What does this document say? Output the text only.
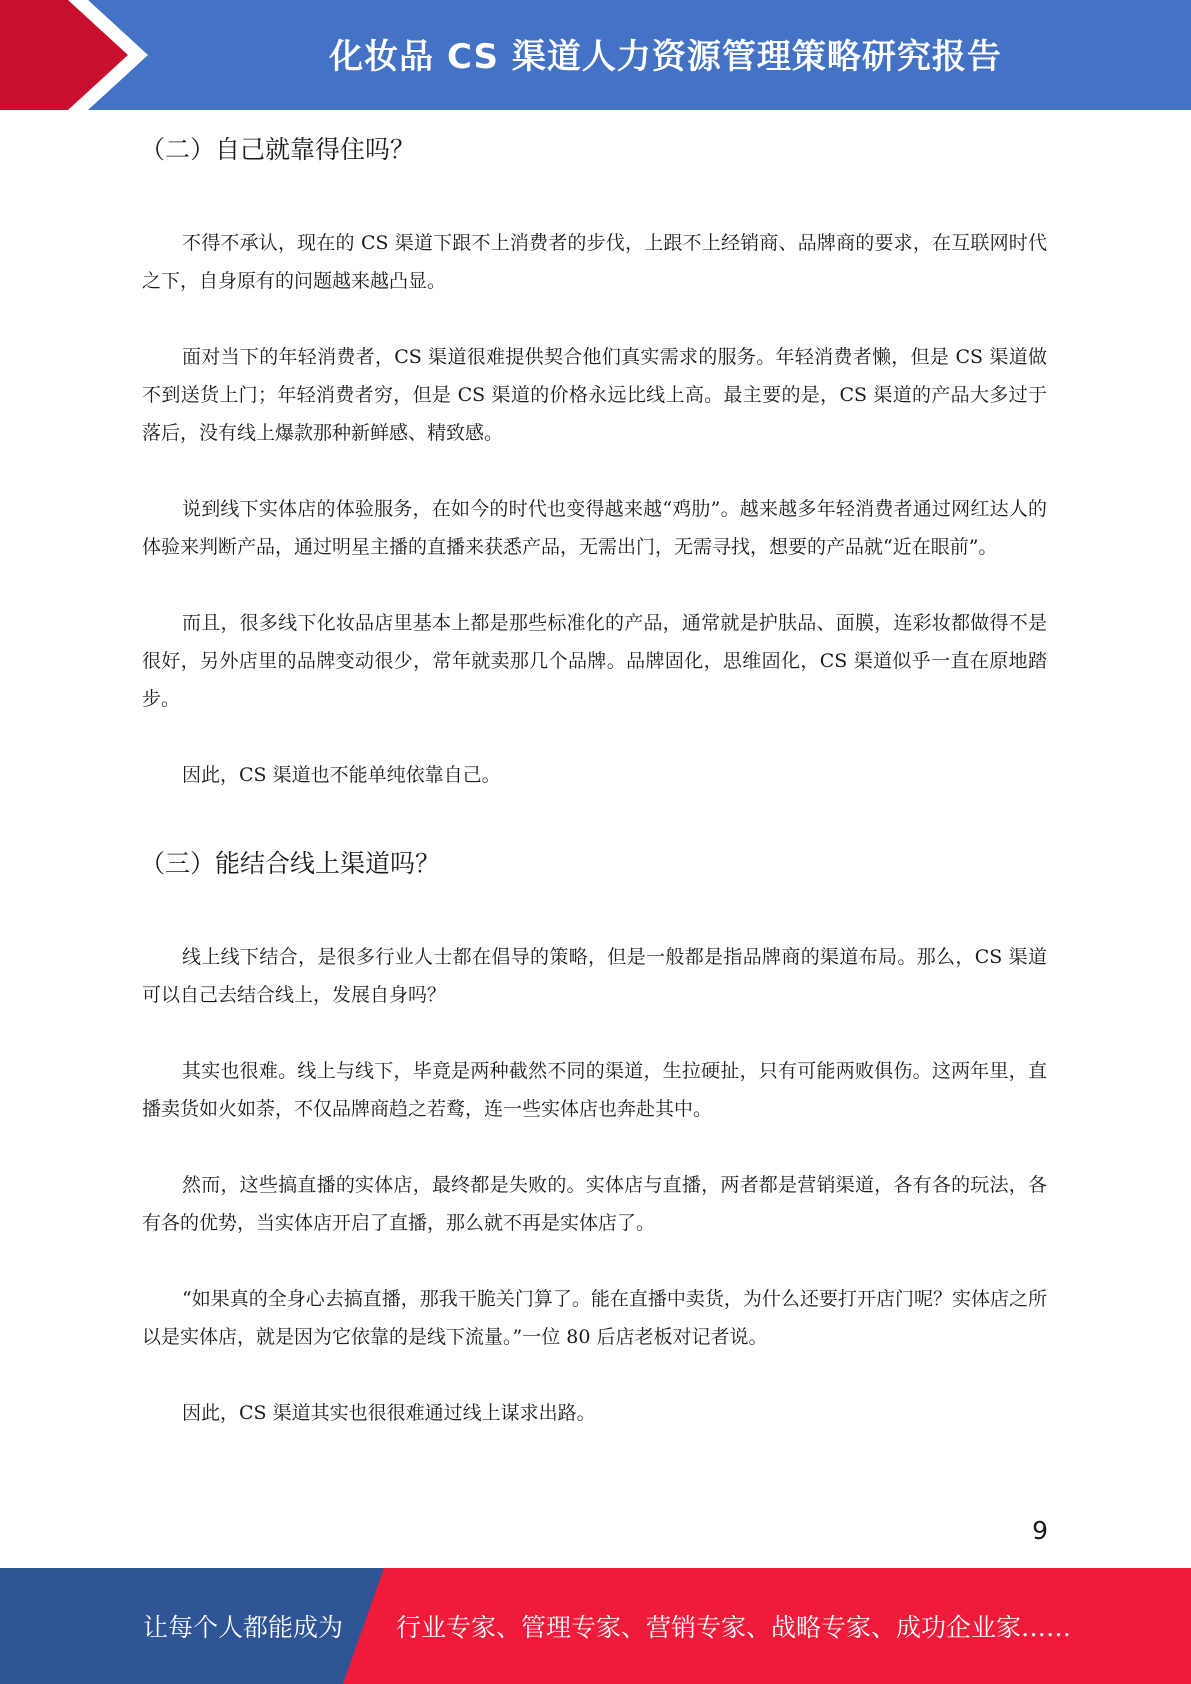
化妆品 CS 渠道人力资源管理策略研究报告
（二）自己就靠得住吗？

不得不承认，现在的 CS 渠道下跟不上消费者的步伐，上跟不上经销商、品牌商的要求，在互联网时代之下，自身原有的问题越来越凸显。

面对当下的年轻消费者，CS 渠道很难提供契合他们真实需求的服务。年轻消费者懒，但是 CS 渠道做不到送货上门；年轻消费者穷，但是 CS 渠道的价格永远比线上高。最主要的是，CS 渠道的产品大多过于落后，没有线上爆款那种新鲜感、精致感。

说到线下实体店的体验服务，在如今的时代也变得越来越“鸡肋”。越来越多年轻消费者通过网红达人的体验来判断产品，通过明星主播的直播来获悉产品，无需出门，无需寻找，想要的产品就“近在眼前”。

而且，很多线下化妆品店里基本上都是那些标准化的产品，通常就是护肤品、面膜，连彩妆都做得不是很好，另外店里的品牌变动很少，常年就卖那几个品牌。品牌固化，思维固化，CS 渠道似乎一直在原地踏步。

因此，CS 渠道也不能单纯依靠自己。

（三）能结合线上渠道吗？

线上线下结合，是很多行业人士都在倡导的策略，但是一般都是指品牌商的渠道布局。那么，CS 渠道可以自己去结合线上，发展自身吗？

其实也很难。线上与线下，毕竟是两种截然不同的渠道，生拉硬扯，只有可能两败俱伤。这两年里，直播卖货如火如荼，不仅品牌商趋之若鹜，连一些实体店也奔赴其中。

然而，这些搞直播的实体店，最终都是失败的。实体店与直播，两者都是营销渠道，各有各的玩法，各有各的优势，当实体店开启了直播，那么就不再是实体店了。

“如果真的全身心去搞直播，那我干脆关门算了。能在直播中卖货，为什么还要打开店门呢？实体店之所以是实体店，就是因为它依靠的是线下流量。”一位 80 后店老板对记者说。

因此，CS 渠道其实也很很难通过线上谋求出路。

9
让每个人都能成为 行业专家、管理专家、营销专家、战略专家、成功企业家……
